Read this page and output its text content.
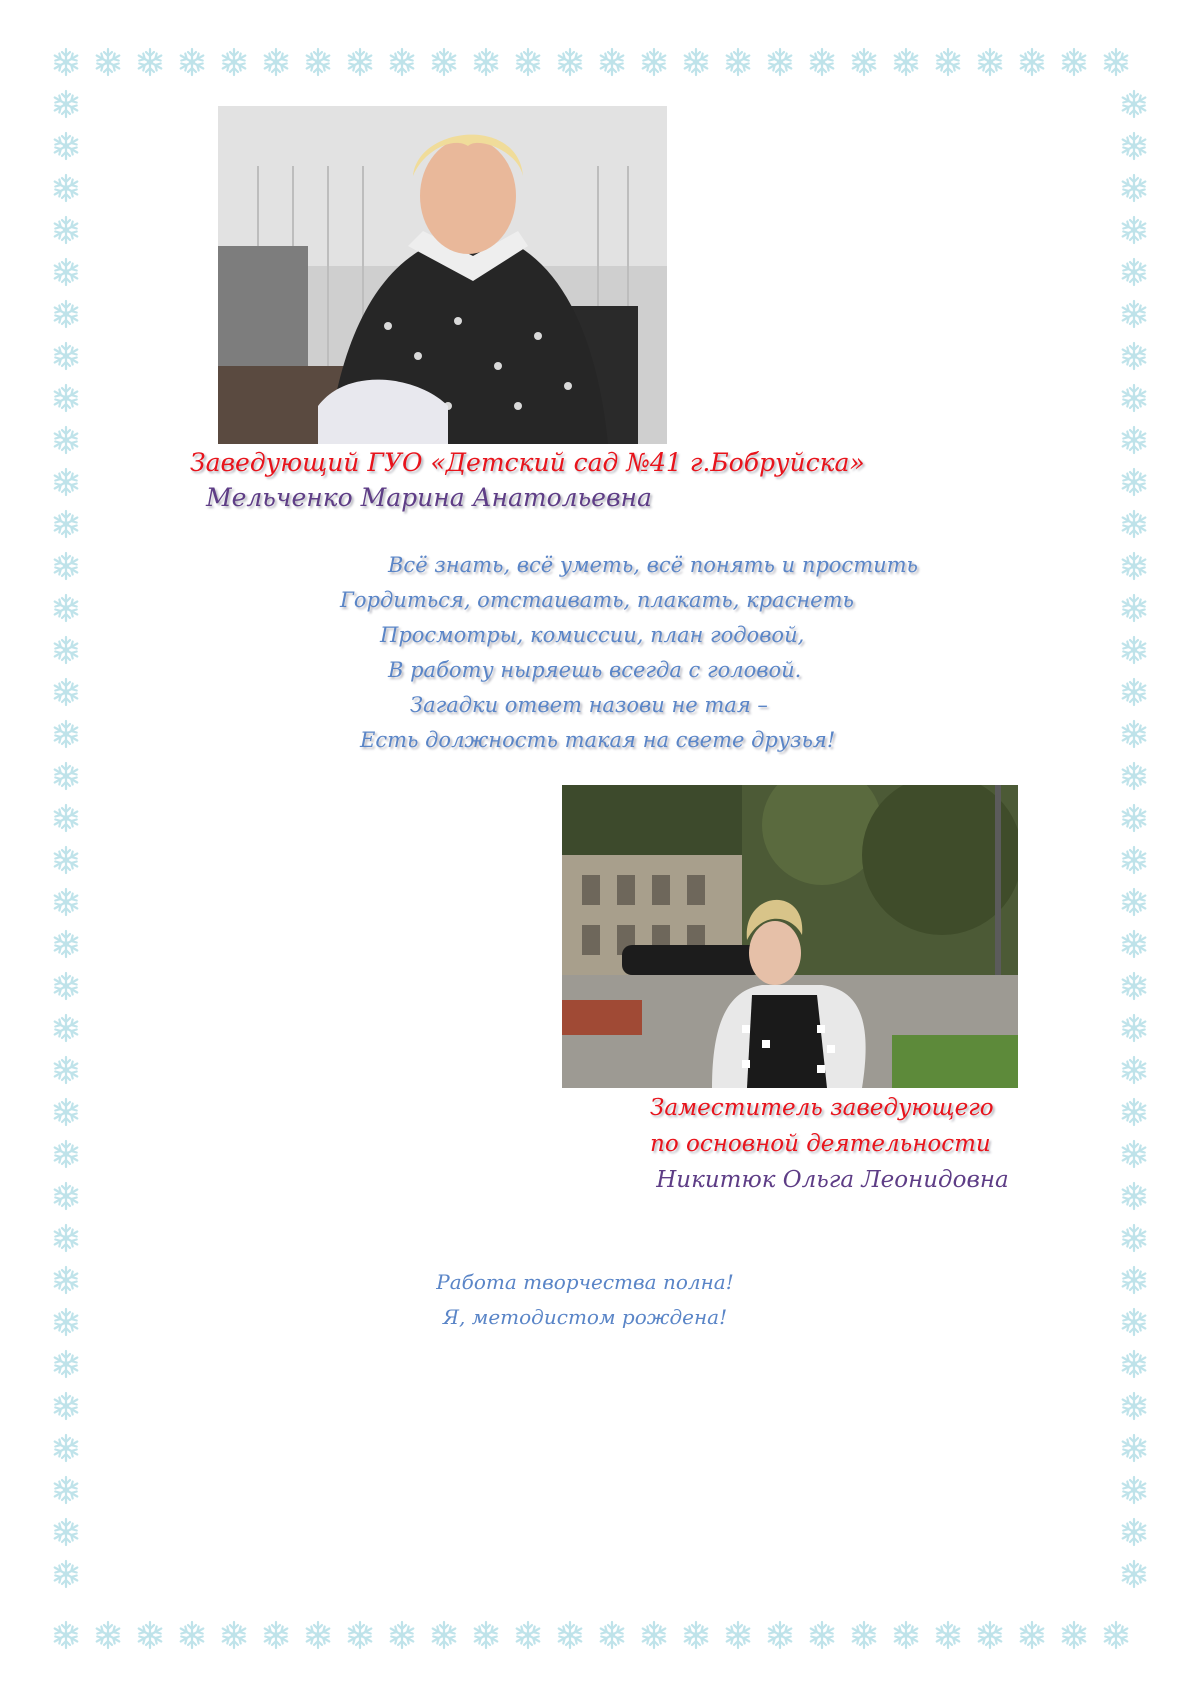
Заведующий ГУО «Детский сад №41 г.Бобруйска»
Мельченко Марина Анатольевна
Всё знать, всё уметь, всё понять и простить
Гордиться, отстаивать, плакать, краснеть
Просмотры, комиссии, план годовой,
В работу ныряешь всегда с головой.
Загадки ответ назови не тая –
Есть должность такая на свете друзья!
Заместитель заведующего
по основной деятельности
Никитюк Ольга Леонидовна
Работа творчества полна!
Я, методистом рождена!
